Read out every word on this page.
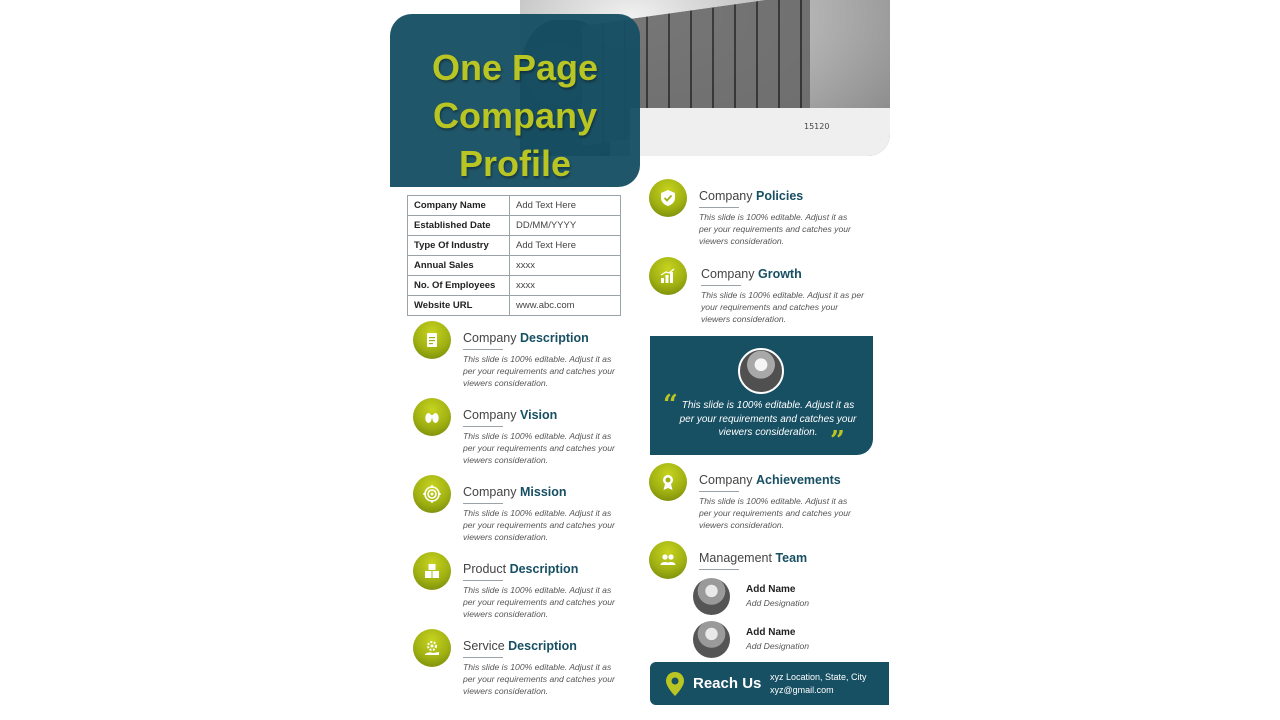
15120
One Page
Company
Profile
Company Name	Add Text Here
Established Date	DD/MM/YYYY
Type Of Industry	Add Text Here
Annual Sales	xxxx
No. Of Employees	xxxx
Website URL	www.abc.com
Company Description
This slide is 100% editable. Adjust it as per your requirements and catches your viewers consideration.
Company Vision
This slide is 100% editable. Adjust it as per your requirements and catches your viewers consideration.
Company Mission
This slide is 100% editable. Adjust it as per your requirements and catches your viewers consideration.
Product Description
This slide is 100% editable. Adjust it as per your requirements and catches your viewers consideration.
Service Description
This slide is 100% editable. Adjust it as per your requirements and catches your viewers consideration.
Company Policies
This slide is 100% editable. Adjust it as per your requirements and catches your viewers consideration.
Company Growth
This slide is 100% editable. Adjust it as per your requirements and catches your viewers consideration.
“ This slide is 100% editable. Adjust it as per your requirements and catches your viewers consideration. ”
Company Achievements
This slide is 100% editable. Adjust it as per your requirements and catches your viewers consideration.
Management Team
Add Name
Add Designation
Add Name
Add Designation
Reach Us xyz Location, State, City
xyz@gmail.com
